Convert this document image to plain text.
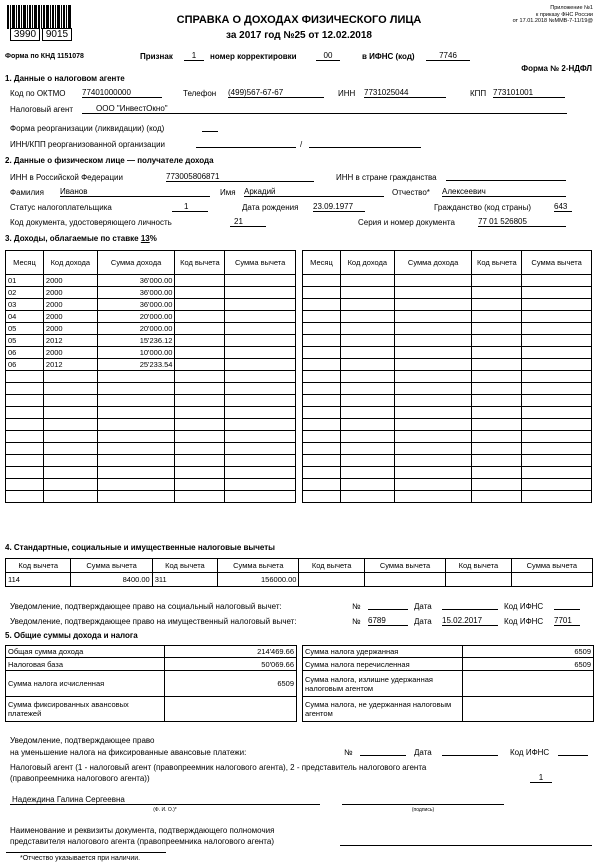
3990 9015
Приложение №1
к приказу ФНС России
от 17.01.2018 №ММВ-7-11/19@
СПРАВКА О ДОХОДАХ ФИЗИЧЕСКОГО ЛИЦА
за 2017 год №25 от 12.02.2018
Форма по КНД 1151078	Признак	1	номер корректировки	00	в ИФНС (код)	7746
Форма № 2-НДФЛ
1. Данные о налоговом агенте
Код по ОКТМО 77401000000	Телефон (499)567-67-67	ИНН 7731025044	КПП 773101001
Налоговый агент	ООО "ИнвестОкно"
Форма реорганизации (ликвидации) (код)
ИНН/КПП реорганизованной организации	/
2. Данные о физическом лице — получателе дохода
ИНН в Российской Федерации	773005806871	ИНН в стране гражданства
Фамилия Иванов	Имя Аркадий	Отчество* Алексеевич
Статус налогоплательщика	1	Дата рождения 23.09.1977	Гражданство (код страны)	643
Код документа, удостоверяющего личность	21	Серия и номер документа	77 01 526805
3. Доходы, облагаемые по ставке 13%
Месяц	Код дохода	Сумма дохода	Код вычета	Сумма вычета
01	2000	36'000.00		
02	2000	36'000.00		
03	2000	36'000.00		
04	2000	20'000.00		
05	2000	20'000.00		
05	2012	15'236.12		
06	2000	10'000.00		
06	2012	25'233.54		

Месяц	Код дохода	Сумма дохода	Код вычета	Сумма вычета

4. Стандартные, социальные и имущественные налоговые вычеты
Код вычета	Сумма вычета	Код вычета	Сумма вычета	Код вычета	Сумма вычета	Код вычета	Сумма вычета
114	8400.00	311	156000.00				
Уведомление, подтверждающее право на социальный налоговый вычет:	№	Дата	Код ИФНС
Уведомление, подтверждающее право на имущественный налоговый вычет:	№ 6789	Дата 15.02.2017	Код ИФНС 7701
5. Общие суммы дохода и налога
Общая сумма дохода	214'469.66
Налоговая база	50'069.66
Сумма налога исчисленная	6509
Сумма фиксированных авансовых платежей	
Сумма налога удержанная	6509
Сумма налога перечисленная	6509
Сумма налога, излишне удержанная налоговым агентом	
Сумма налога, не удержанная налоговым агентом	
Уведомление, подтверждающее право
на уменьшение налога на фиксированные авансовые платежи:	№	Дата	Код ИФНС
Налоговый агент (1 - налоговый агент (правопреемник налогового агента), 2 - представитель налогового агента
(правопреемника налогового агента))	1
Надеждина Галина Сергеевна
(Ф. И. О.)*	(подпись)
Наименование и реквизиты документа, подтверждающего полномочия
представителя налогового агента (правопреемника налогового агента)
*Отчество указывается при наличии.
